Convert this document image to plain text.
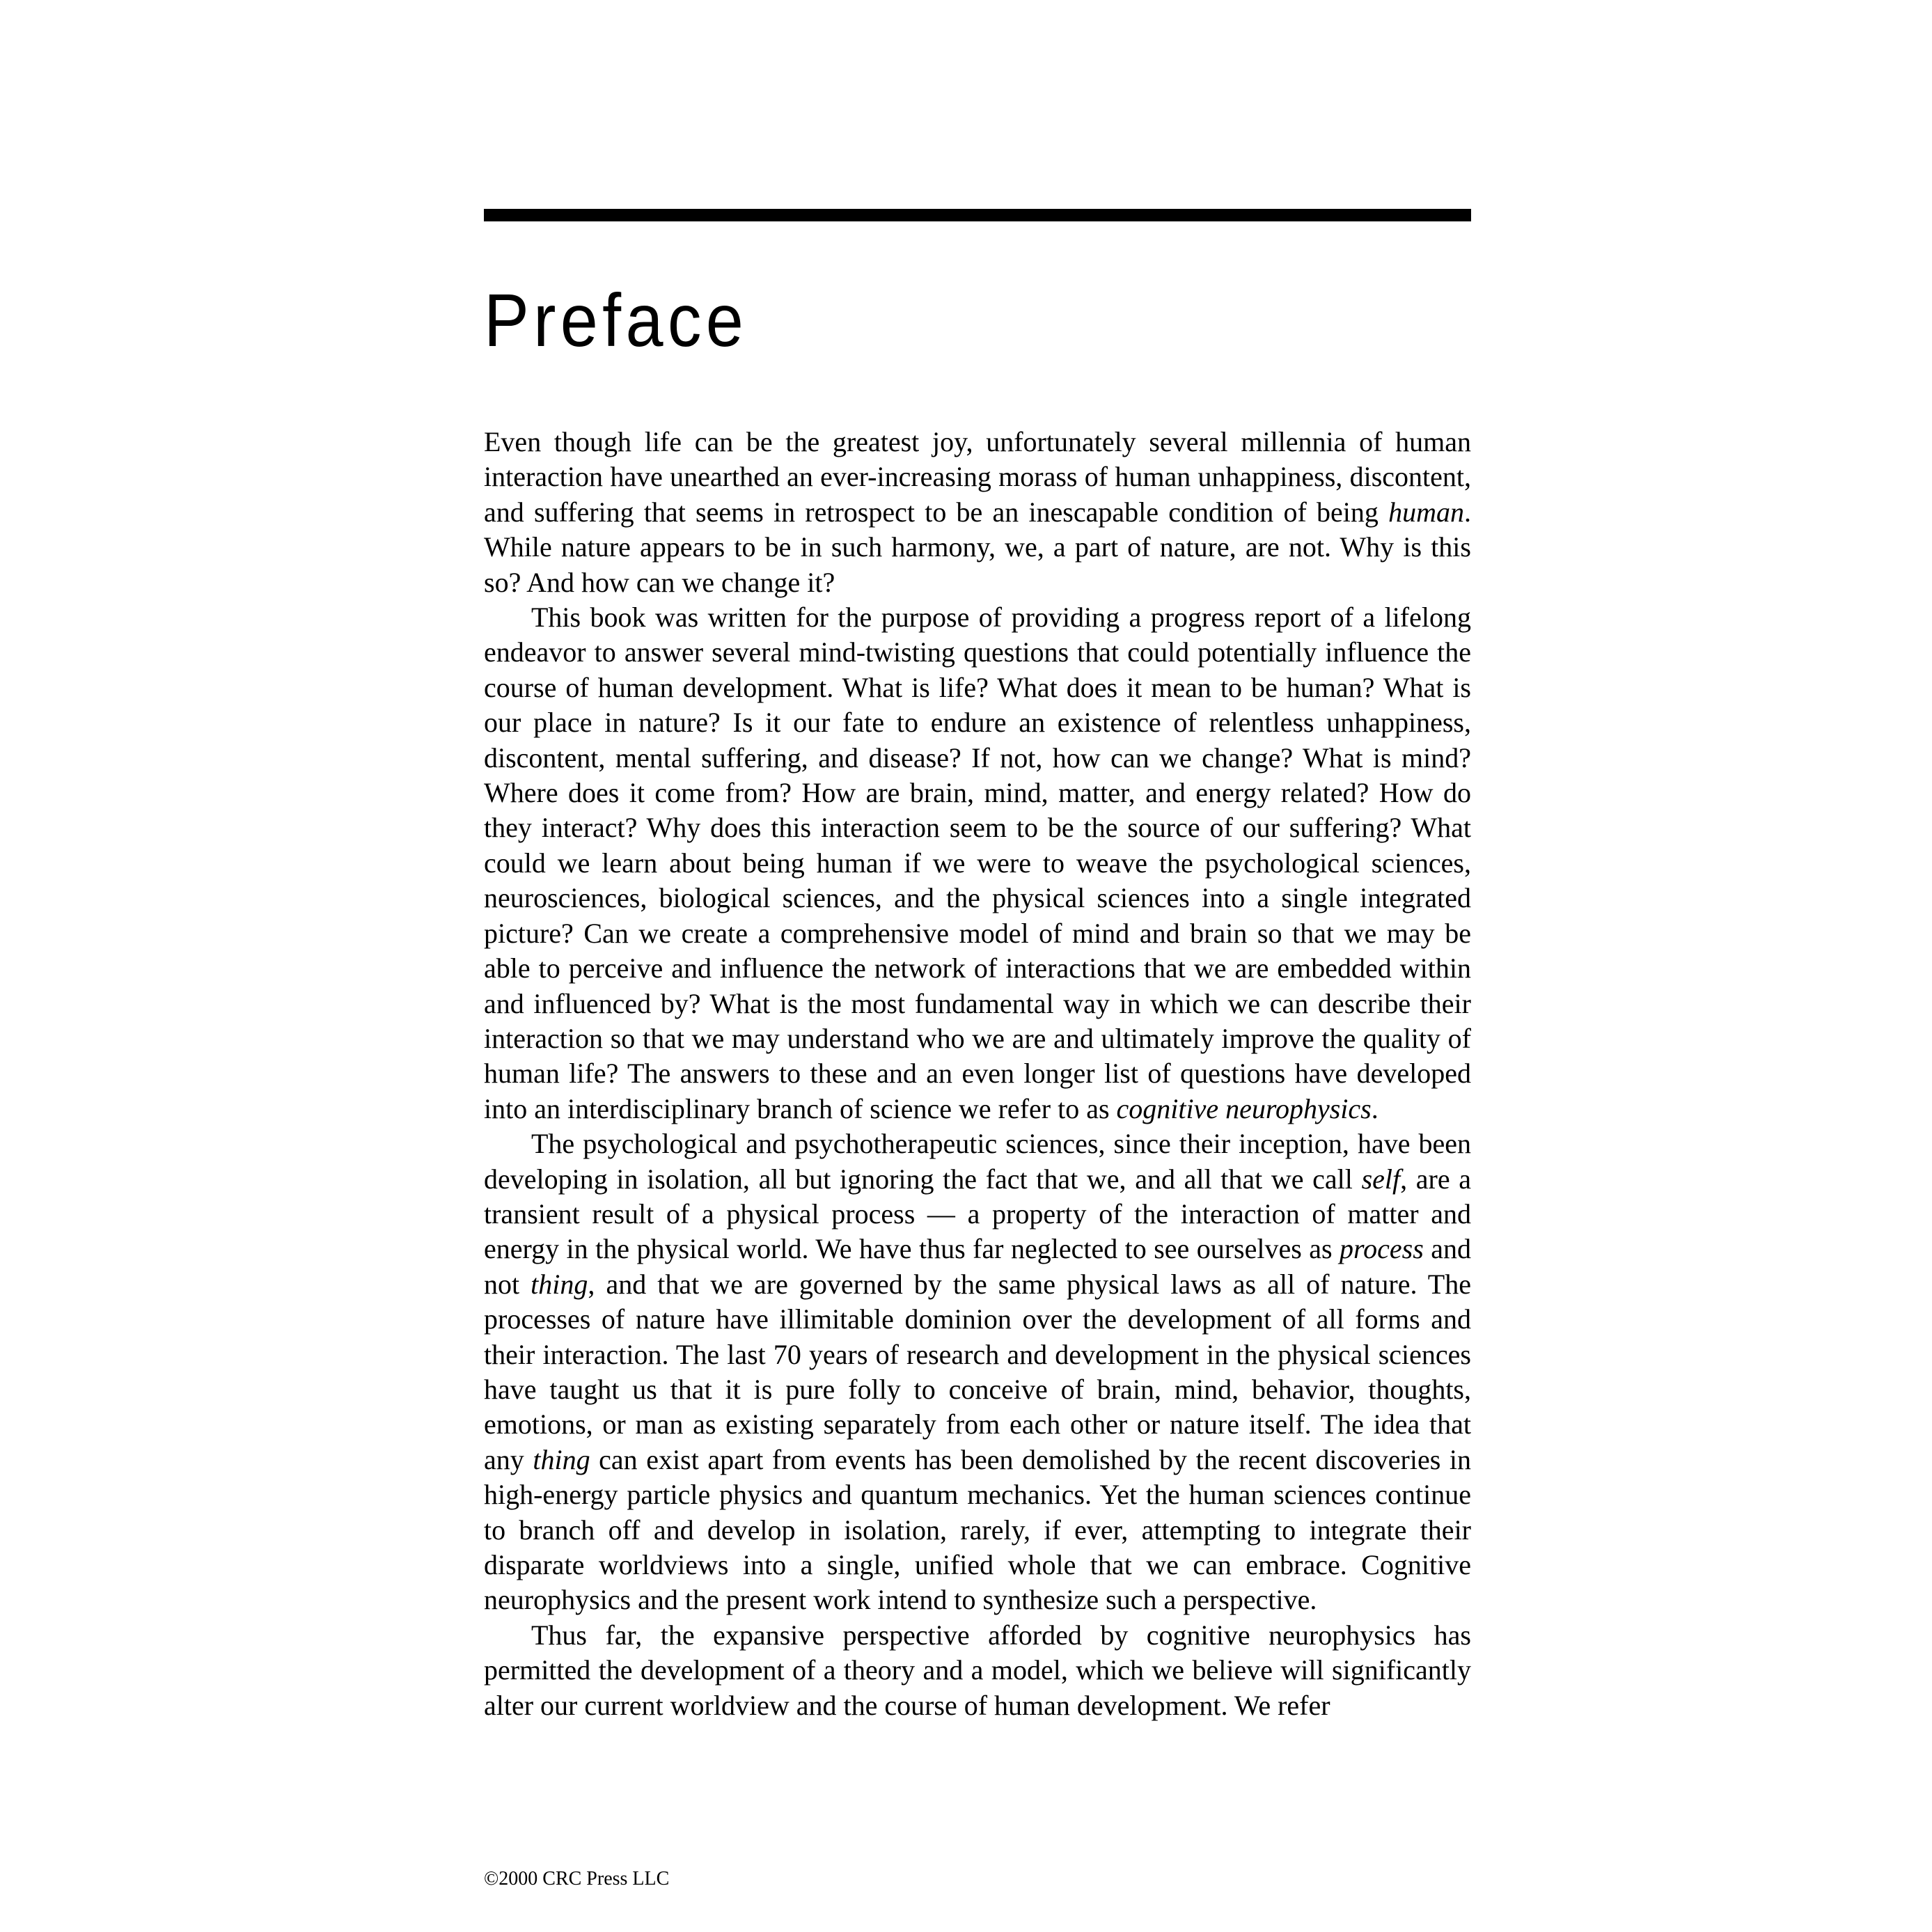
Preface

Even though life can be the greatest joy, unfortunately several millennia of human interaction have unearthed an ever-increasing morass of human unhappiness, discontent, and suffering that seems in retrospect to be an inescapable condition of being human. While nature appears to be in such harmony, we, a part of nature, are not. Why is this so? And how can we change it?

This book was written for the purpose of providing a progress report of a lifelong endeavor to answer several mind-twisting questions that could potentially influence the course of human development. What is life? What does it mean to be human? What is our place in nature? Is it our fate to endure an existence of relentless unhappiness, discontent, mental suffering, and disease? If not, how can we change? What is mind? Where does it come from? How are brain, mind, matter, and energy related? How do they interact? Why does this interaction seem to be the source of our suffering? What could we learn about being human if we were to weave the psychological sciences, neurosciences, biological sciences, and the physical sciences into a single integrated picture? Can we create a comprehensive model of mind and brain so that we may be able to perceive and influence the network of interactions that we are embedded within and influenced by? What is the most fundamental way in which we can describe their interaction so that we may understand who we are and ultimately improve the quality of human life? The answers to these and an even longer list of questions have developed into an interdisciplinary branch of science we refer to as cognitive neurophysics.

The psychological and psychotherapeutic sciences, since their inception, have been developing in isolation, all but ignoring the fact that we, and all that we call self, are a transient result of a physical process — a property of the interaction of matter and energy in the physical world. We have thus far neglected to see ourselves as process and not thing, and that we are governed by the same physical laws as all of nature. The processes of nature have illimitable dominion over the development of all forms and their interaction. The last 70 years of research and development in the physical sciences have taught us that it is pure folly to conceive of brain, mind, behavior, thoughts, emotions, or man as existing separately from each other or nature itself. The idea that any thing can exist apart from events has been demolished by the recent discoveries in high-energy particle physics and quantum mechanics. Yet the human sciences continue to branch off and develop in isolation, rarely, if ever, attempting to integrate their disparate worldviews into a single, unified whole that we can embrace. Cognitive neurophysics and the present work intend to synthesize such a perspective.

Thus far, the expansive perspective afforded by cognitive neurophysics has permitted the development of a theory and a model, which we believe will significantly alter our current worldview and the course of human development. We refer

©2000 CRC Press LLC
